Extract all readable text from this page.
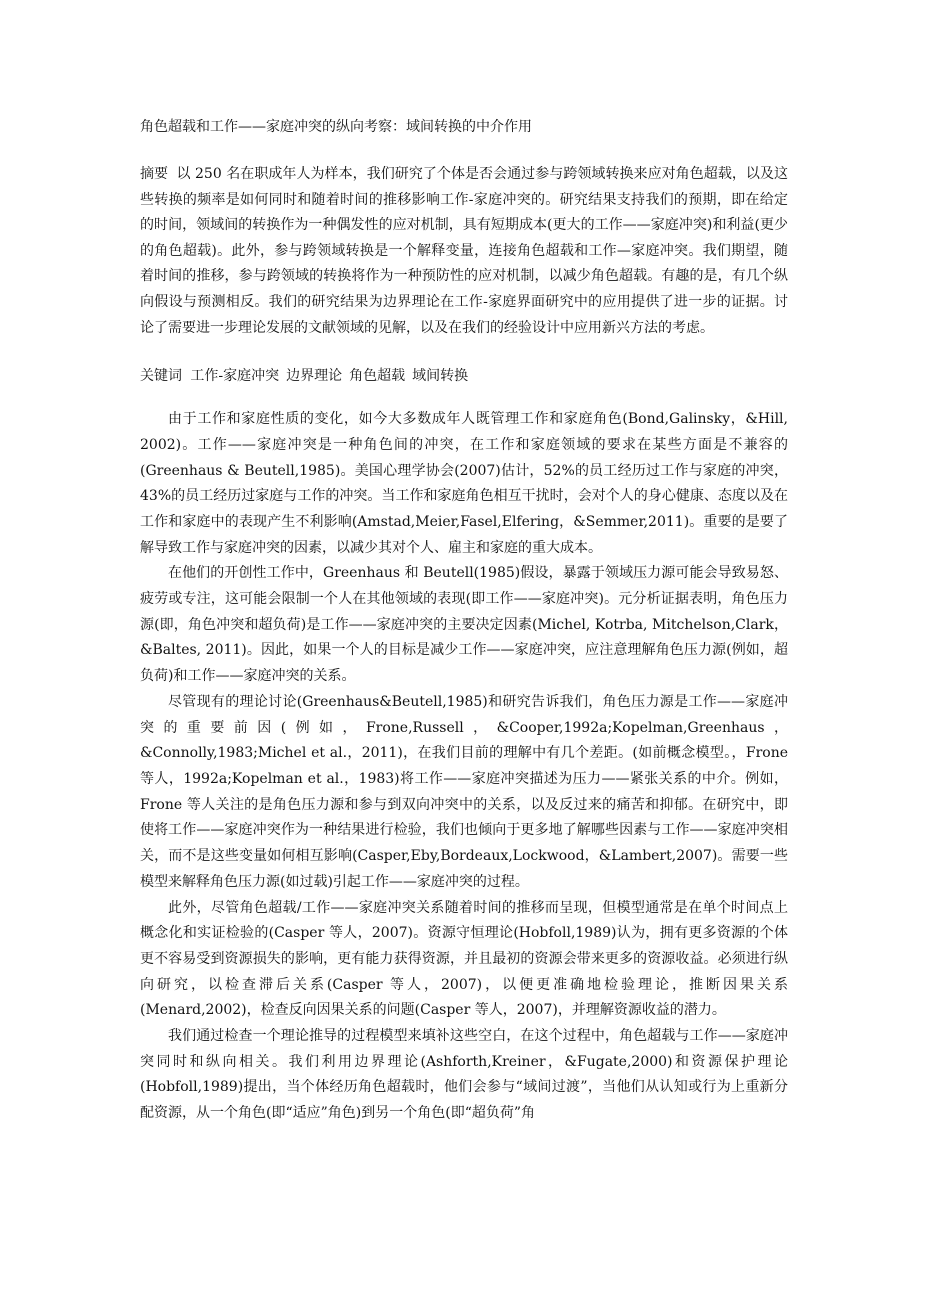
角色超载和工作——家庭冲突的纵向考察：域间转换的中介作用
摘要 以 250 名在职成年人为样本，我们研究了个体是否会通过参与跨领域转换来应对角色超载，以及这些转换的频率是如何同时和随着时间的推移影响工作-家庭冲突的。研究结果支持我们的预期，即在给定的时间，领域间的转换作为一种偶发性的应对机制，具有短期成本(更大的工作——家庭冲突)和利益(更少的角色超载)。此外，参与跨领域转换是一个解释变量，连接角色超载和工作—家庭冲突。我们期望，随着时间的推移，参与跨领域的转换将作为一种预防性的应对机制，以减少角色超载。有趣的是，有几个纵向假设与预测相反。我们的研究结果为边界理论在工作-家庭界面研究中的应用提供了进一步的证据。讨论了需要进一步理论发展的文献领域的见解，以及在我们的经验设计中应用新兴方法的考虑。
关键词 工作-家庭冲突 边界理论 角色超载 域间转换

由于工作和家庭性质的变化，如今大多数成年人既管理工作和家庭角色(Bond,Galinsky，&Hill, 2002)。工作——家庭冲突是一种角色间的冲突，在工作和家庭领域的要求在某些方面是不兼容的(Greenhaus & Beutell,1985)。美国心理学协会(2007)估计，52%的员工经历过工作与家庭的冲突，43%的员工经历过家庭与工作的冲突。当工作和家庭角色相互干扰时，会对个人的身心健康、态度以及在工作和家庭中的表现产生不利影响(Amstad,Meier,Fasel,Elfering，&Semmer,2011)。重要的是要了解导致工作与家庭冲突的因素，以减少其对个人、雇主和家庭的重大成本。

在他们的开创性工作中，Greenhaus 和 Beutell(1985)假设，暴露于领域压力源可能会导致易怒、疲劳或专注，这可能会限制一个人在其他领域的表现(即工作——家庭冲突)。元分析证据表明，角色压力源(即，角色冲突和超负荷)是工作——家庭冲突的主要决定因素(Michel, Kotrba, Mitchelson,Clark，&Baltes, 2011)。因此，如果一个人的目标是减少工作——家庭冲突，应注意理解角色压力源(例如，超负荷)和工作——家庭冲突的关系。

尽管现有的理论讨论(Greenhaus&Beutell,1985)和研究告诉我们，角色压力源是工作——家庭冲突的重要前因(例如，Frone,Russell，&Cooper,1992a;Kopelman,Greenhaus，&Connolly,1983;Michel et al.，2011)，在我们目前的理解中有几个差距。(如前概念模型。，Frone 等人，1992a;Kopelman et al.，1983)将工作——家庭冲突描述为压力——紧张关系的中介。例如，Frone 等人关注的是角色压力源和参与到双向冲突中的关系，以及反过来的痛苦和抑郁。在研究中，即使将工作——家庭冲突作为一种结果进行检验，我们也倾向于更多地了解哪些因素与工作——家庭冲突相关，而不是这些变量如何相互影响(Casper,Eby,Bordeaux,Lockwood，&Lambert,2007)。需要一些模型来解释角色压力源(如过载)引起工作——家庭冲突的过程。

此外，尽管角色超载/工作——家庭冲突关系随着时间的推移而呈现，但模型通常是在单个时间点上概念化和实证检验的(Casper 等人，2007)。资源守恒理论(Hobfoll,1989)认为，拥有更多资源的个体更不容易受到资源损失的影响，更有能力获得资源，并且最初的资源会带来更多的资源收益。必须进行纵向研究，以检查滞后关系(Casper 等人，2007)，以便更准确地检验理论，推断因果关系(Menard,2002)，检查反向因果关系的问题(Casper 等人，2007)，并理解资源收益的潜力。

我们通过检查一个理论推导的过程模型来填补这些空白，在这个过程中，角色超载与工作——家庭冲突同时和纵向相关。我们利用边界理论(Ashforth,Kreiner，&Fugate,2000)和资源保护理论(Hobfoll,1989)提出，当个体经历角色超载时，他们会参与“域间过渡”，当他们从认知或行为上重新分配资源，从一个角色(即“适应”角色)到另一个角色(即“超负荷”角
